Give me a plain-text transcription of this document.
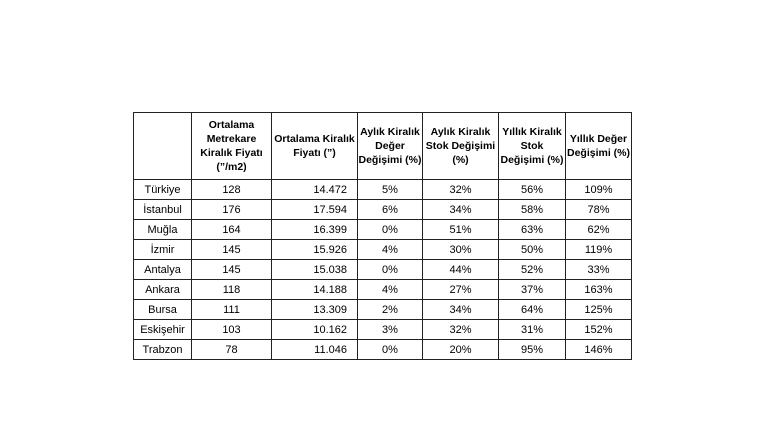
	Ortalama Metrekare Kiralık Fiyatı (”/m2)	Ortalama Kiralık Fiyatı (”)	Aylık Kiralık Değer Değişimi (%)	Aylık Kiralık Stok Değişimi (%)	Yıllık Kiralık Stok Değişimi (%)	Yıllık Değer Değişimi (%)
Türkiye	128	14.472	5%	32%	56%	109%
İstanbul	176	17.594	6%	34%	58%	78%
Muğla	164	16.399	0%	51%	63%	62%
İzmir	145	15.926	4%	30%	50%	119%
Antalya	145	15.038	0%	44%	52%	33%
Ankara	118	14.188	4%	27%	37%	163%
Bursa	111	13.309	2%	34%	64%	125%
Eskişehir	103	10.162	3%	32%	31%	152%
Trabzon	78	11.046	0%	20%	95%	146%
